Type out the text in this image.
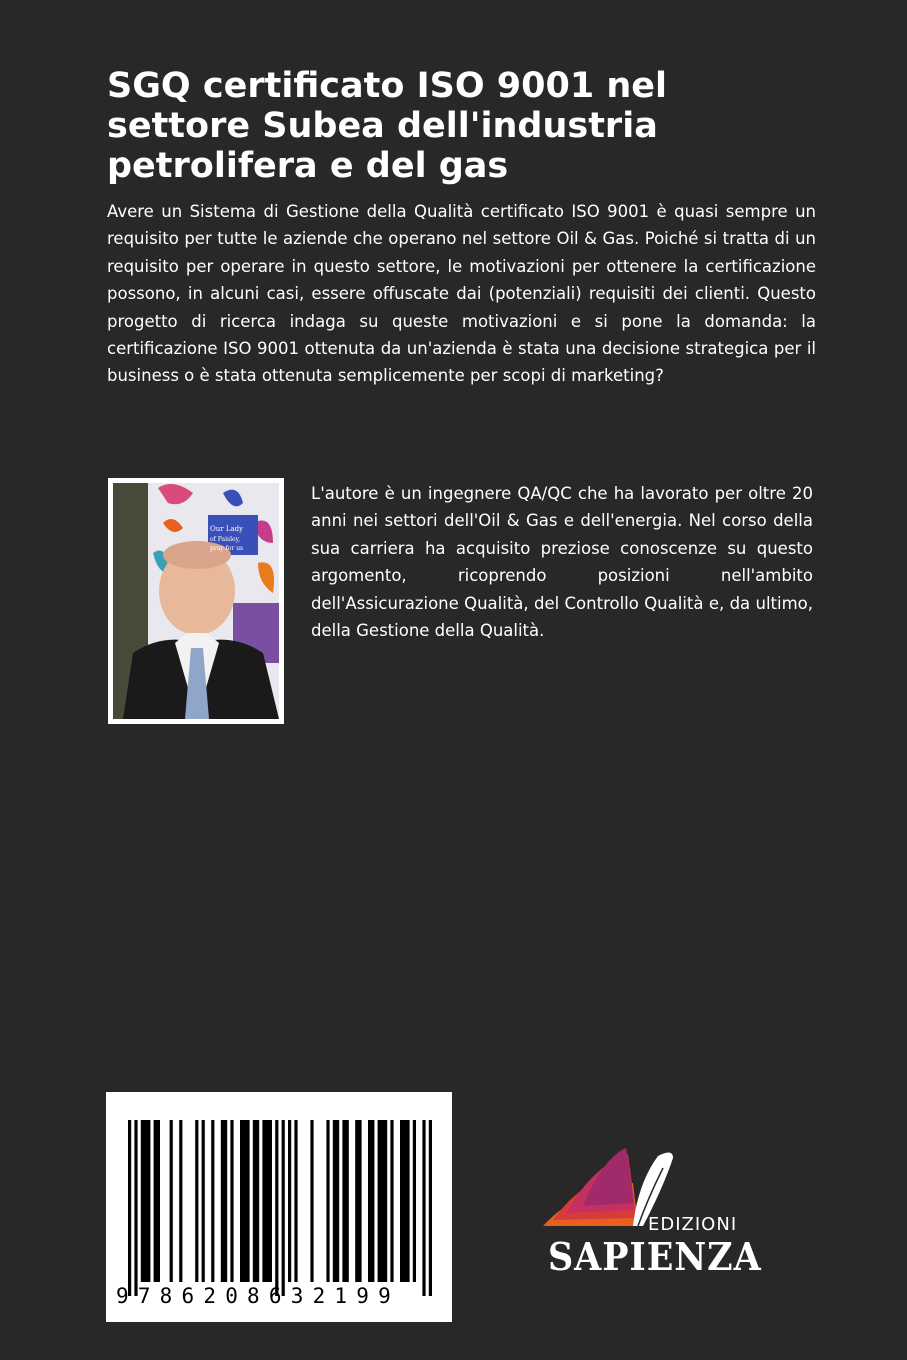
SGQ certificato ISO 9001 nel settore Subea dell'industria petrolifera e del gas

Avere un Sistema di Gestione della Qualità certificato ISO 9001 è quasi sempre un requisito per tutte le aziende che operano nel settore Oil & Gas. Poiché si tratta di un requisito per operare in questo settore, le motivazioni per ottenere la certificazione possono, in alcuni casi, essere offuscate dai (potenziali) requisiti dei clienti. Questo progetto di ricerca indaga su queste motivazioni e si pone la domanda: la certificazione ISO 9001 ottenuta da un'azienda è stata una decisione strategica per il business o è stata ottenuta semplicemente per scopi di marketing?

Our Lady
of Paisley,
pray for us

L'autore è un ingegnere QA/QC che ha lavorato per oltre 20 anni nei settori dell'Oil & Gas e dell'energia. Nel corso della sua carriera ha acquisito preziose conoscenze su questo argomento, ricoprendo posizioni nell'ambito dell'Assicurazione Qualità, del Controllo Qualità e, da ultimo, della Gestione della Qualità.

9786208632199
EDIZIONI
SAPIENZA
